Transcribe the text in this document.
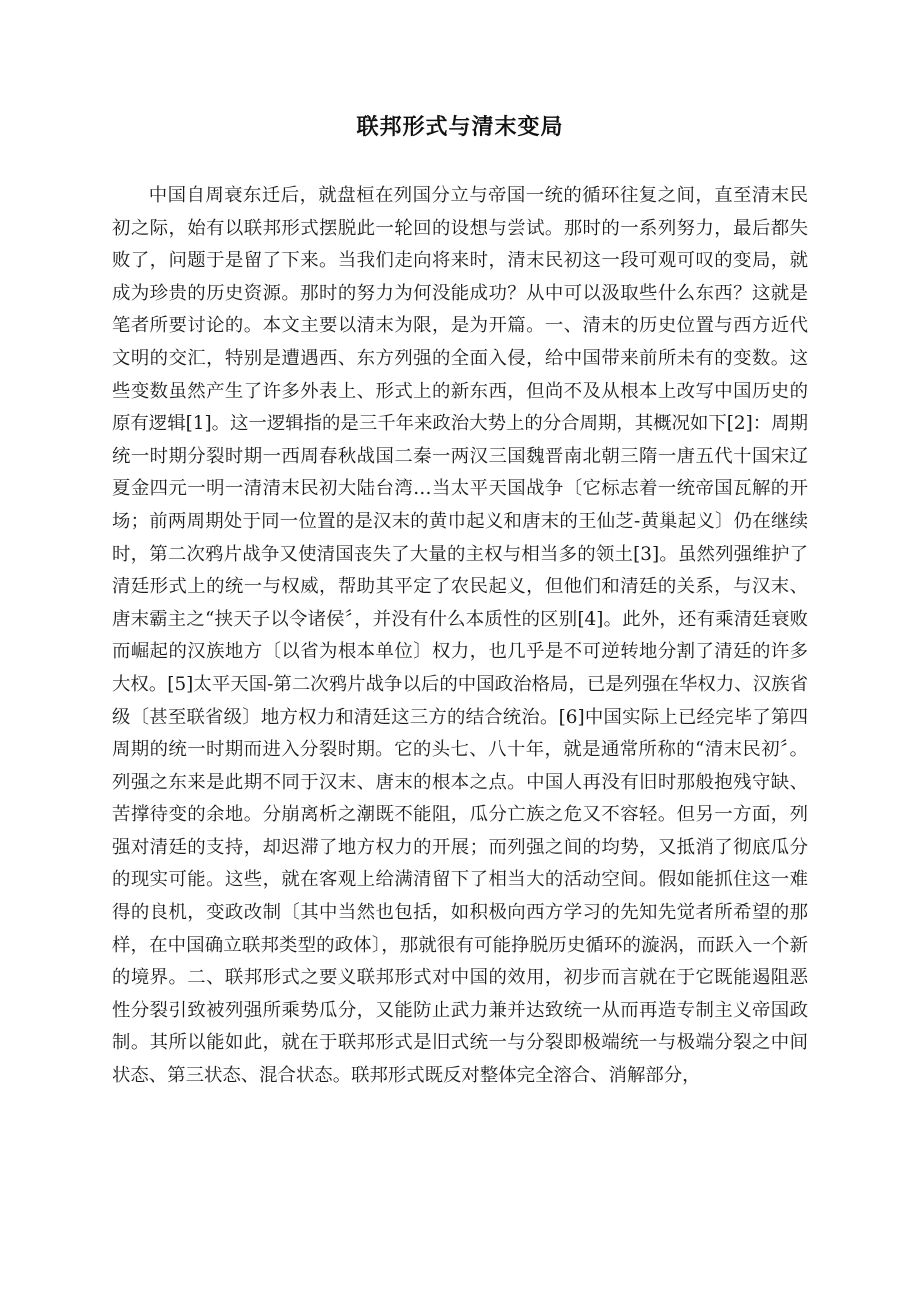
联邦形式与清末变局

中国自周衰东迁后，就盘桓在列国分立与帝国一统的循环往复之间，直至清末民初之际，始有以联邦形式摆脱此一轮回的设想与尝试。那时的一系列努力，最后都失败了，问题于是留了下来。当我们走向将来时，清末民初这一段可观可叹的变局，就成为珍贵的历史资源。那时的努力为何没能成功？从中可以汲取些什么东西？这就是笔者所要讨论的。本文主要以清末为限，是为开篇。一、清末的历史位置与西方近代文明的交汇，特别是遭遇西、东方列强的全面入侵，给中国带来前所未有的变数。这些变数虽然产生了许多外表上、形式上的新东西，但尚不及从根本上改写中国历史的原有逻辑[1]。这一逻辑指的是三千年来政治大势上的分合周期，其概况如下[2]：周期统一时期分裂时期一西周春秋战国二秦一两汉三国魏晋南北朝三隋一唐五代十国宋辽夏金四元一明一清清末民初大陆台湾…当太平天国战争〔它标志着一统帝国瓦解的开场；前两周期处于同一位置的是汉末的黄巾起义和唐末的王仙芝-黄巢起义〕仍在继续时，第二次鸦片战争又使清国丧失了大量的主权与相当多的领土[3]。虽然列强维护了清廷形式上的统一与权威，帮助其平定了农民起义，但他们和清廷的关系，与汉末、唐末霸主之“挟天子以令诸侯〞，并没有什么本质性的区别[4]。此外，还有乘清廷衰败而崛起的汉族地方〔以省为根本单位〕权力，也几乎是不可逆转地分割了清廷的许多大权。[5]太平天国-第二次鸦片战争以后的中国政治格局，已是列强在华权力、汉族省级〔甚至联省级〕地方权力和清廷这三方的结合统治。[6]中国实际上已经完毕了第四周期的统一时期而进入分裂时期。它的头七、八十年，就是通常所称的“清末民初〞。列强之东来是此期不同于汉末、唐末的根本之点。中国人再没有旧时那般抱残守缺、苦撑待变的余地。分崩离析之潮既不能阻，瓜分亡族之危又不容轻。但另一方面，列强对清廷的支持，却迟滞了地方权力的开展；而列强之间的均势，又抵消了彻底瓜分的现实可能。这些，就在客观上给满清留下了相当大的活动空间。假如能抓住这一难得的良机，变政改制〔其中当然也包括，如积极向西方学习的先知先觉者所希望的那样，在中国确立联邦类型的政体〕，那就很有可能挣脱历史循环的漩涡，而跃入一个新的境界。二、联邦形式之要义联邦形式对中国的效用，初步而言就在于它既能遏阻恶性分裂引致被列强所乘势瓜分，又能防止武力兼并达致统一从而再造专制主义帝国政制。其所以能如此，就在于联邦形式是旧式统一与分裂即极端统一与极端分裂之中间状态、第三状态、混合状态。联邦形式既反对整体完全溶合、消解部分，
